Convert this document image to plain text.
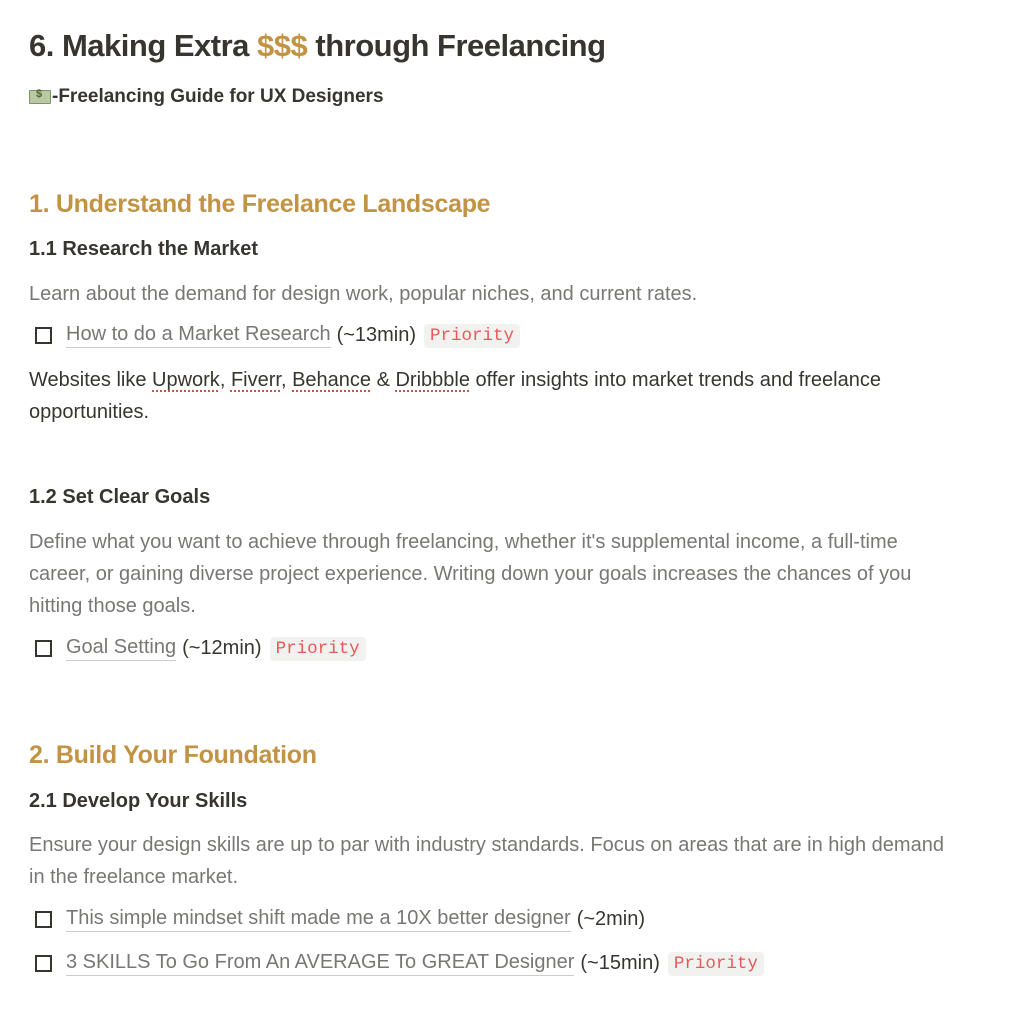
6. Making Extra $$$ through Freelancing
$
-Freelancing Guide for UX Designers
1. Understand the Freelance Landscape
1.1 Research the Market

Learn about the demand for design work, popular niches, and current rates.

How to do a Market Research (~13min) Priority

Websites like Upwork, Fiverr, Behance & Dribbble offer insights into market trends and freelance opportunities.

1.2 Set Clear Goals

Define what you want to achieve through freelancing, whether it's supplemental income, a full-time career, or gaining diverse project experience. Writing down your goals increases the chances of you hitting those goals.

Goal Setting (~12min) Priority
2. Build Your Foundation
2.1 Develop Your Skills

Ensure your design skills are up to par with industry standards. Focus on areas that are in high demand in the freelance market.

This simple mindset shift made me a 10X better designer (~2min)
3 SKILLS To Go From An AVERAGE To GREAT Designer (~15min) Priority
